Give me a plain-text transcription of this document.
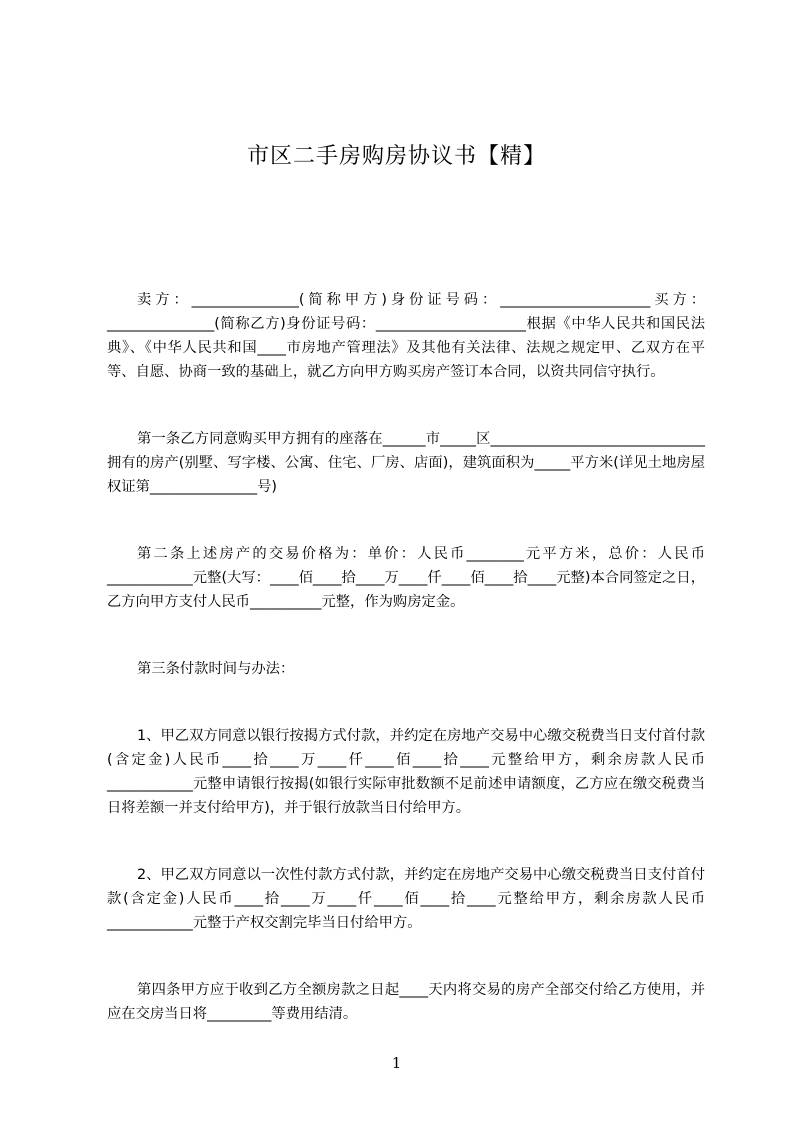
市区二手房购房协议书【精】

卖方：_______________(简称甲方)身份证号码：_____________________买方：_______________(简称乙方)身份证号码：_____________________根据《中华人民共和国民法典》、《中华人民共和国____市房地产管理法》及其他有关法律、法规之规定甲、乙双方在平等、自愿、协商一致的基础上，就乙方向甲方购买房产签订本合同，以资共同信守执行。

第一条乙方同意购买甲方拥有的座落在______市_____区______________________________拥有的房产(别墅、写字楼、公寓、住宅、厂房、店面)，建筑面积为_____平方米(详见土地房屋权证第_______________号)

第二条上述房产的交易价格为：单价：人民币________元平方米，总价：人民币____________元整(大写：____佰____拾____万____仟____佰____拾____元整)本合同签定之日，乙方向甲方支付人民币__________元整，作为购房定金。

第三条付款时间与办法：

1、甲乙双方同意以银行按揭方式付款，并约定在房地产交易中心缴交税费当日支付首付款(含定金)人民币____拾____万____仟____佰____拾____元整给甲方，剩余房款人民币____________元整申请银行按揭(如银行实际审批数额不足前述申请额度，乙方应在缴交税费当日将差额一并支付给甲方)，并于银行放款当日付给甲方。

2、甲乙双方同意以一次性付款方式付款，并约定在房地产交易中心缴交税费当日支付首付款(含定金)人民币____拾____万____仟____佰____拾____元整给甲方，剩余房款人民币____________元整于产权交割完毕当日付给甲方。

第四条甲方应于收到乙方全额房款之日起____天内将交易的房产全部交付给乙方使用，并应在交房当日将_________等费用结清。

1
